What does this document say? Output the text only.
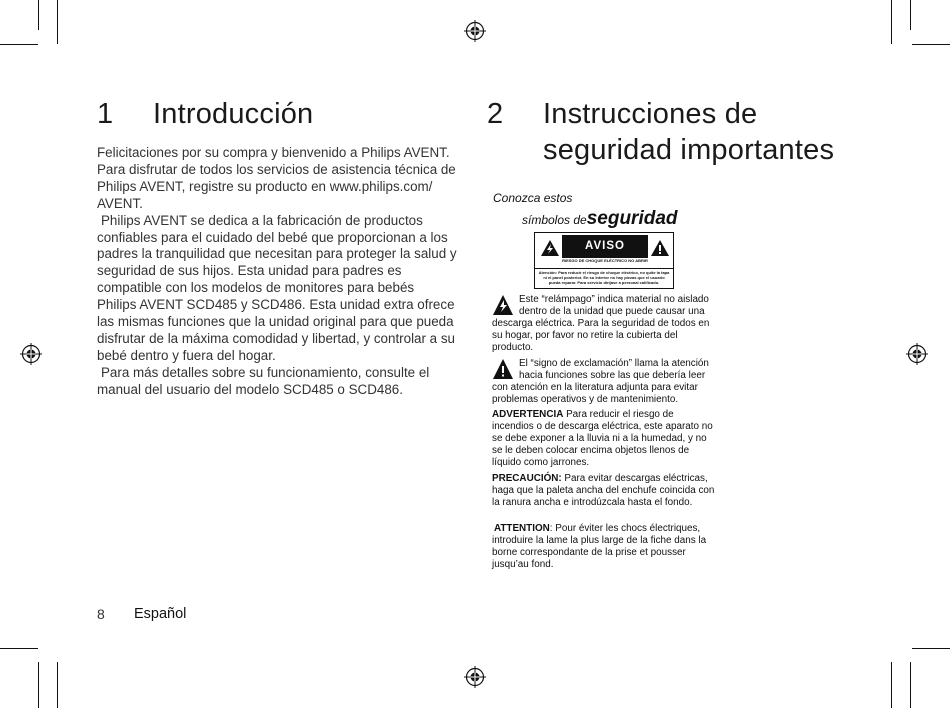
1 Introducción

Felicitaciones por su compra y bienvenido a Philips AVENT. Para disfrutar de todos los servicios de asistencia técnica de Philips AVENT, registre su producto en www.philips.com/ AVENT.

Philips AVENT se dedica a la fabricación de productos confiables para el cuidado del bebé que proporcionan a los padres la tranquilidad que necesitan para proteger la salud y seguridad de sus hijos. Esta unidad para padres es compatible con los modelos de monitores para bebés Philips AVENT SCD485 y SCD486. Esta unidad extra ofrece las mismas funciones que la unidad original para que pueda disfrutar de la máxima comodidad y libertad, y controlar a su bebé dentro y fuera del hogar.

Para más detalles sobre su funcionamiento, consulte el manual del usuario del modelo SCD485 o SCD486.

2 Instrucciones de
seguridad importantes
Conozca estos
símbolos deseguridad
AVISO
RIESGO DE CHOQUE ELÉCTRICO NO ABRIR
Atención: Para reducir el riesgo de choque eléctrico, no quite la tapa ni el panel posterior. En su interior no hay piezas que el usuario pueda reparar. Para servicio diríjase a personal calificado.
Este “relámpago” indica material no aislado dentro de la unidad que puede causar una descarga eléctrica. Para la seguridad de todos en su hogar, por favor no retire la cubierta del producto.
El “signo de exclamación” llama la atención hacia funciones sobre las que debería leer con atención en la literatura adjunta para evitar problemas operativos y de mantenimiento.
ADVERTENCIA Para reducir el riesgo de incendios o de descarga eléctrica, este aparato no se debe exponer a la lluvia ni a la humedad, y no se le deben colocar encima objetos llenos de líquido como jarrones.
PRECAUCIÓN: Para evitar descargas eléctricas, haga que la paleta ancha del enchufe coincida con la ranura ancha e introdúzcala hasta el fondo.
ATTENTION: Pour éviter les chocs électriques, introduire la lame la plus large de la fiche dans la borne correspondante de la prise et pousser jusqu’au fond.
8 Español
